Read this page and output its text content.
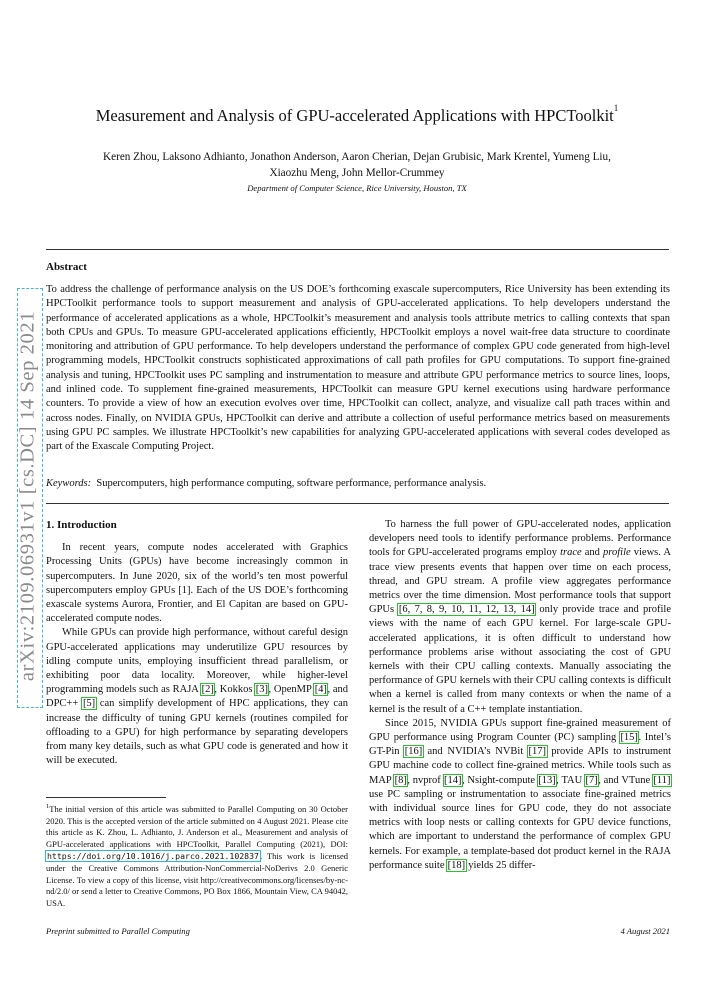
Measurement and Analysis of GPU-accelerated Applications with HPCToolkit$^1$
Keren Zhou, Laksono Adhianto, Jonathon Anderson, Aaron Cherian, Dejan Grubisic, Mark Krentel, Yumeng Liu,
Xiaozhu Meng, John Mellor-Crummey
Department of Computer Science, Rice University, Houston, TX
Abstract
To address the challenge of performance analysis on the US DOE’s forthcoming exascale supercomputers, Rice University has been extending its HPCToolkit performance tools to support measurement and analysis of GPU-accelerated applications. To help developers understand the performance of accelerated applications as a whole, HPCToolkit’s measurement and analysis tools attribute metrics to calling contexts that span both CPUs and GPUs. To measure GPU-accelerated applications efficiently, HPCToolkit employs a novel wait-free data structure to coordinate monitoring and attribution of GPU performance. To help developers understand the performance of complex GPU code generated from high-level programming models, HPCToolkit constructs sophisticated approximations of call path profiles for GPU computations. To support fine-grained analysis and tuning, HPCToolkit uses PC sampling and instrumentation to measure and attribute GPU performance metrics to source lines, loops, and inlined code. To supplement fine-grained measurements, HPCToolkit can measure GPU kernel executions using hardware performance counters. To provide a view of how an execution evolves over time, HPCToolkit can collect, analyze, and visualize call path traces within and across nodes. Finally, on NVIDIA GPUs, HPCToolkit can derive and attribute a collection of useful performance metrics based on measurements using GPU PC samples. We illustrate HPCToolkit’s new capabilities for analyzing GPU-accelerated applications with several codes developed as part of the Exascale Computing Project.
Keywords: Supercomputers, high performance computing, software performance, performance analysis.
1. Introduction

In recent years, compute nodes accelerated with Graphics Processing Units (GPUs) have become increasingly common in supercomputers. In June 2020, six of the world’s ten most powerful supercomputers employ GPUs [1]. Each of the US DOE’s forthcoming exascale systems Aurora, Frontier, and El Capitan are based on GPU-accelerated compute nodes.

While GPUs can provide high performance, without careful design GPU-accelerated applications may underutilize GPU resources by idling compute units, employing insufficient thread parallelism, or exhibiting poor data locality. Moreover, while higher-level programming models such as RAJA [2], Kokkos [3], OpenMP [4], and DPC++ [5] can simplify development of HPC applications, they can increase the difficulty of tuning GPU kernels (routines compiled for offloading to a GPU) for high performance by separating developers from many key details, such as what GPU code is generated and how it will be executed.

To harness the full power of GPU-accelerated nodes, application developers need tools to identify performance problems. Performance tools for GPU-accelerated programs employ trace and profile views. A trace view presents events that happen over time on each process, thread, and GPU stream. A profile view aggregates performance metrics over the time dimension. Most performance tools that support GPUs [6, 7, 8, 9, 10, 11, 12, 13, 14] only provide trace and profile views with the name of each GPU kernel. For large-scale GPU-accelerated applications, it is often difficult to understand how performance problems arise without associating the cost of GPU kernels with their CPU calling contexts. Manually associating the performance of GPU kernels with their CPU calling contexts is difficult when a kernel is called from many contexts or when the name of a kernel is the result of a C++ template instantiation.

Since 2015, NVIDIA GPUs support fine-grained measurement of GPU performance using Program Counter (PC) sampling [15]. Intel’s GT-Pin [16] and NVIDIA’s NVBit [17] provide APIs to instrument GPU machine code to collect fine-grained metrics. While tools such as MAP [8], nvprof [14], Nsight-compute [13], TAU [7], and VTune [11] use PC sampling or instrumentation to associate fine-grained metrics with individual source lines for GPU code, they do not associate metrics with loop nests or calling contexts for GPU device functions, which are important to understand the performance of complex GPU kernels. For example, a template-based dot product kernel in the RAJA performance suite [18] yields 25 differ-

$^1$The initial version of this article was submitted to Parallel Computing on 30 October 2020. This is the accepted version of the article submitted on 4 August 2021. Please cite this article as K. Zhou, L. Adhianto, J. Anderson et al., Measurement and analysis of GPU-accelerated applications with HPCToolkit, Parallel Computing (2021), DOI: https://doi.org/10.1016/j.parco.2021.102837. This work is licensed under the Creative Commons Attribution-NonCommercial-NoDerivs 2.0 Generic License. To view a copy of this license, visit http://creativecommons.org/licenses/by-nc-nd/2.0/ or send a letter to Creative Commons, PO Box 1866, Mountain View, CA 94042, USA.
Preprint submitted to Parallel Computing	4 August 2021
arXiv:2109.06931v1 [cs.DC] 14 Sep 2021
